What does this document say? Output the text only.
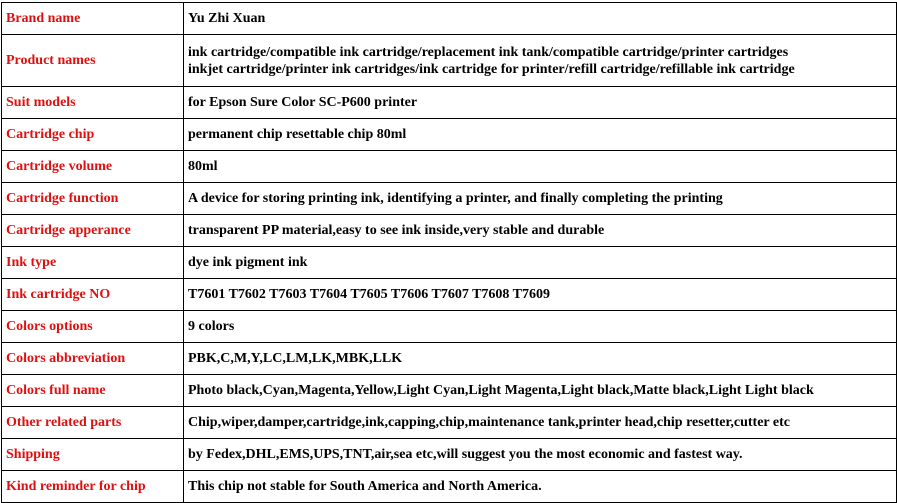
Brand name	Yu Zhi Xuan
Product names	ink cartridge/compatible ink cartridge/replacement ink tank/compatible cartridge/printer cartridges
inkjet cartridge/printer ink cartridges/ink cartridge for printer/refill cartridge/refillable ink cartridge

Suit models	for Epson Sure Color SC-P600 printer
Cartridge chip	permanent chip resettable chip 80ml
Cartridge volume	80ml
Cartridge function	A device for storing printing ink, identifying a printer, and finally completing the printing
Cartridge apperance	transparent PP material,easy to see ink inside,very stable and durable
Ink type	dye ink pigment ink
Ink cartridge NO	T7601 T7602 T7603 T7604 T7605 T7606 T7607 T7608 T7609
Colors options	9 colors
Colors abbreviation	PBK,C,M,Y,LC,LM,LK,MBK,LLK
Colors full name	Photo black,Cyan,Magenta,Yellow,Light Cyan,Light Magenta,Light black,Matte black,Light Light black
Other related parts	Chip,wiper,damper,cartridge,ink,capping,chip,maintenance tank,printer head,chip resetter,cutter etc
Shipping	by Fedex,DHL,EMS,UPS,TNT,air,sea etc,will suggest you the most economic and fastest way.
Kind reminder for chip	This chip not stable for South America and North America.
